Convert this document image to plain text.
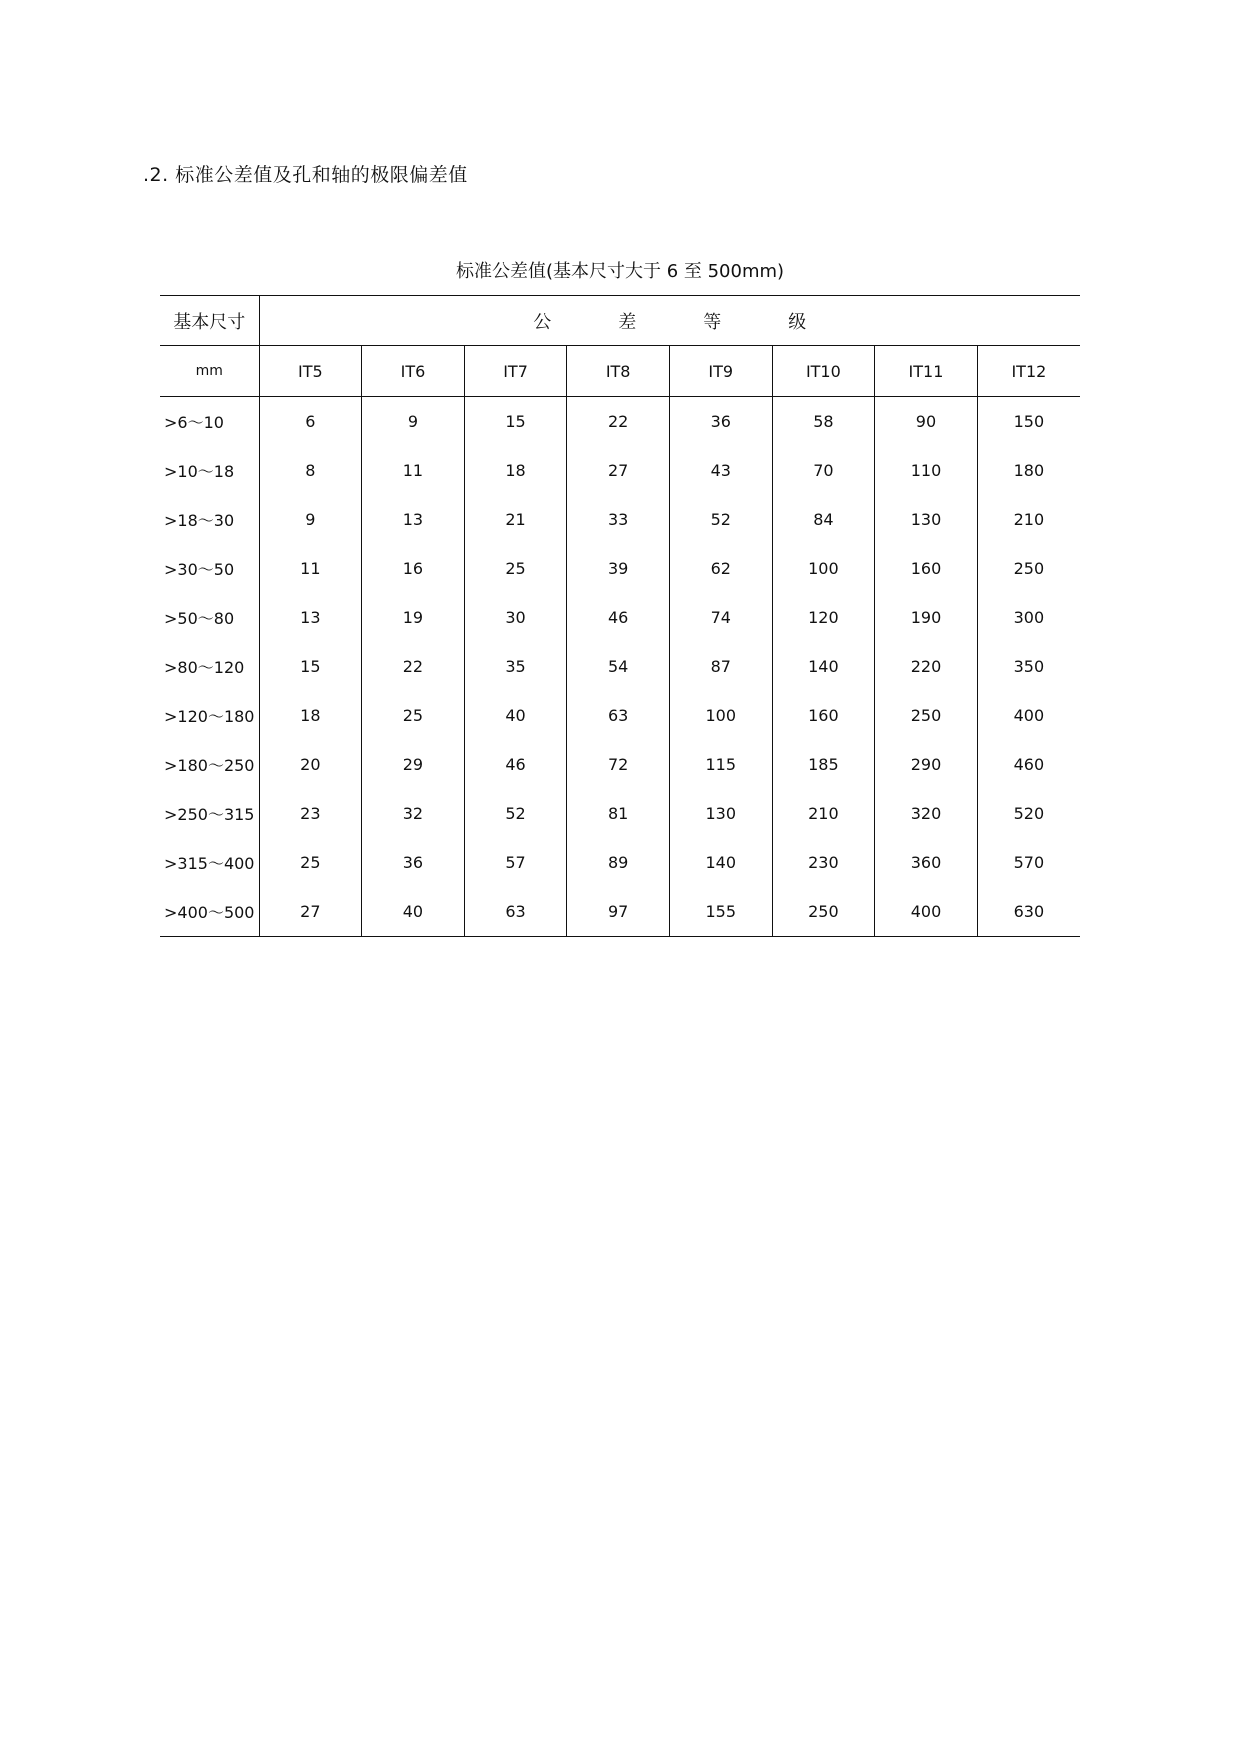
.2. 标准公差值及孔和轴的极限偏差值
标准公差值(基本尺寸大于 6 至 500mm)
基本尺寸	公 差 等 级							
mm	IT5	IT6	IT7	IT8	IT9	IT10	IT11	IT12
>6～10	6	9	15	22	36	58	90	150
>10～18	8	11	18	27	43	70	110	180
>18～30	9	13	21	33	52	84	130	210
>30～50	11	16	25	39	62	100	160	250
>50～80	13	19	30	46	74	120	190	300
>80～120	15	22	35	54	87	140	220	350
>120～180	18	25	40	63	100	160	250	400
>180～250	20	29	46	72	115	185	290	460
>250～315	23	32	52	81	130	210	320	520
>315～400	25	36	57	89	140	230	360	570
>400～500	27	40	63	97	155	250	400	630
